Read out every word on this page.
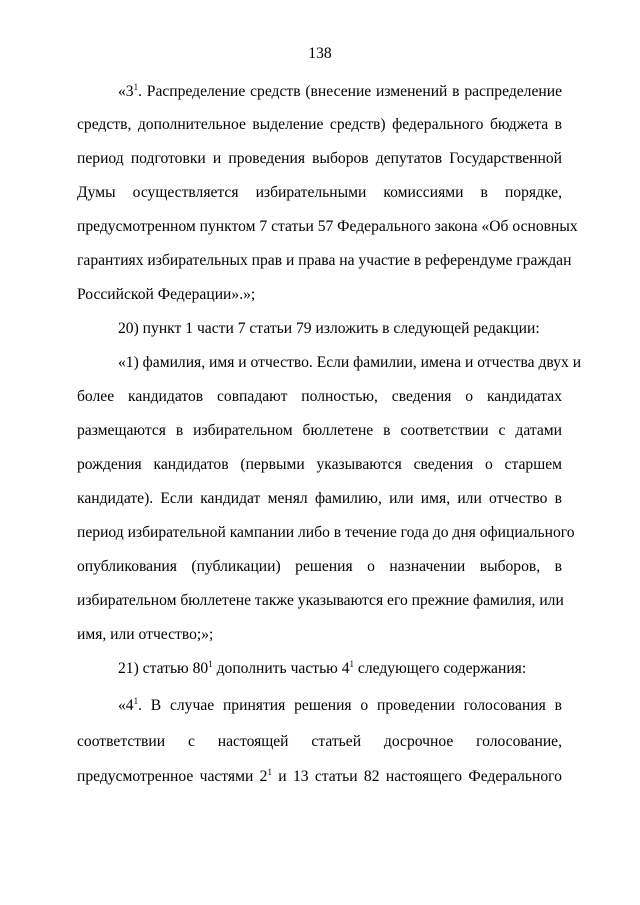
138
«$3^1$. Распределение средств (внесение изменений в распределение
средств, дополнительное выделение средств) федерального бюджета в
период подготовки и проведения выборов депутатов Государственной
Думы осуществляется избирательными комиссиями в порядке,
предусмотренном пунктом 7 статьи 57 Федерального закона «Об основных
гарантиях избирательных прав и права на участие в референдуме граждан
Российской Федерации».»;
20) пункт 1 части 7 статьи 79 изложить в следующей редакции:
«1) фамилия, имя и отчество. Если фамилии, имена и отчества двух и
более кандидатов совпадают полностью, сведения о кандидатах
размещаются в избирательном бюллетене в соответствии с датами
рождения кандидатов (первыми указываются сведения о старшем
кандидате). Если кандидат менял фамилию, или имя, или отчество в
период избирательной кампании либо в течение года до дня официального
опубликования (публикации) решения о назначении выборов, в
избирательном бюллетене также указываются его прежние фамилия, или
имя, или отчество;»;
21) статью $80^1$ дополнить частью $4^1$ следующего содержания:
«$4^1$. В случае принятия решения о проведении голосования в
соответствии с настоящей статьей досрочное голосование,
предусмотренное частями $2^1$ и 13 статьи 82 настоящего Федерального
